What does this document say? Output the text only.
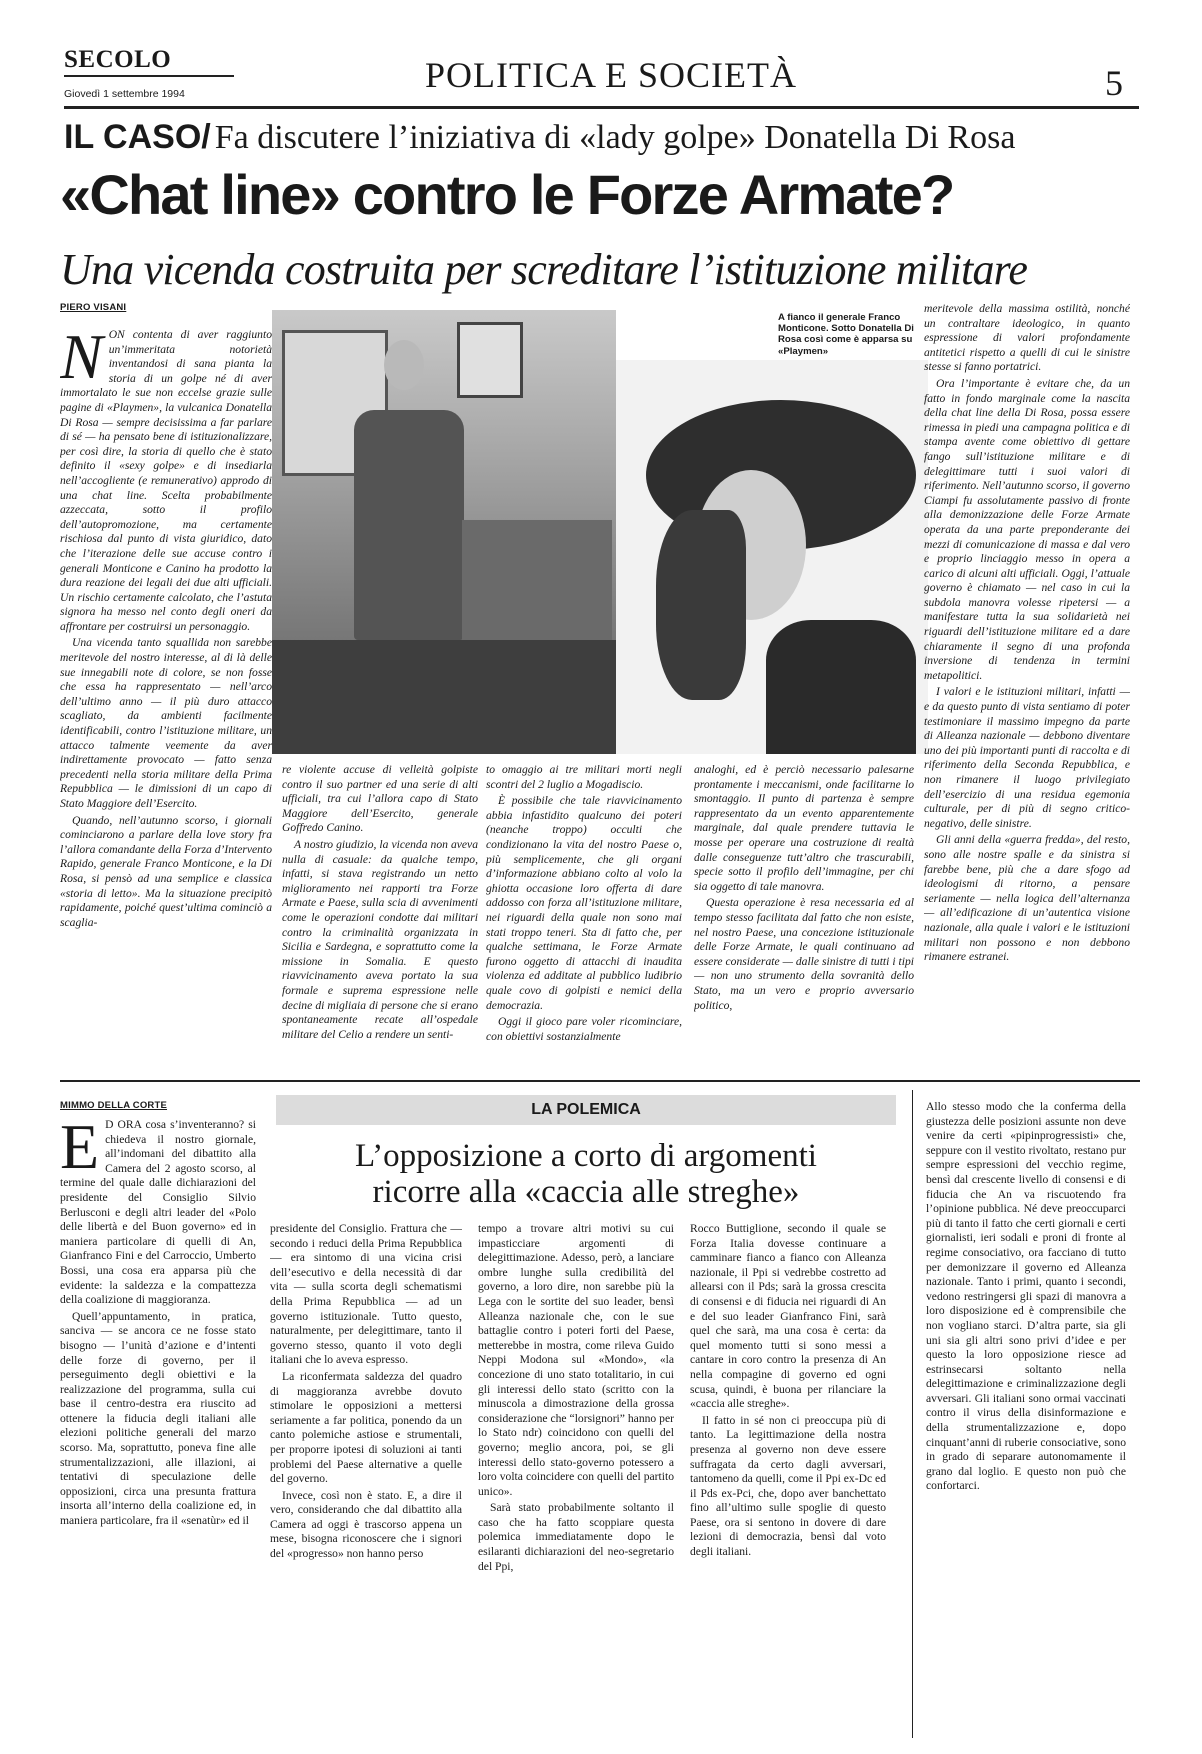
SECOLO
Giovedì 1 settembre 1994	POLITICA E SOCIETÀ	5
IL CASO/ Fa discutere l’iniziativa di «lady golpe» Donatella Di Rosa
«Chat line» contro le Forze Armate?
Una vicenda costruita per screditare l’istituzione militare
PIERO VISANI
A fianco il generale Franco Monticone. Sotto Donatella Di Rosa così come è apparsa su «Playmen»

NON contenta di aver raggiunto un’immeritata notorietà inventandosi di sana pianta la storia di un golpe né di aver immortalato le sue non eccelse grazie sulle pagine di «Playmen», la vulcanica Donatella Di Rosa — sempre decisissima a far parlare di sé — ha pensato bene di istituzionalizzare, per così dire, la storia di quello che è stato definito il «sexy golpe» e di insediarla nell’accogliente (e remunerativo) approdo di una chat line. Scelta probabilmente azzeccata, sotto il profilo dell’autopromozione, ma certamente rischiosa dal punto di vista giuridico, dato che l’iterazione delle sue accuse contro i generali Monticone e Canino ha prodotto la dura reazione dei legali dei due alti ufficiali. Un rischio certamente calcolato, che l’astuta signora ha messo nel conto degli oneri da affrontare per costruirsi un personaggio.

Una vicenda tanto squallida non sarebbe meritevole del nostro interesse, al di là delle sue innegabili note di colore, se non fosse che essa ha rappresentato — nell’arco dell’ultimo anno — il più duro attacco scagliato, da ambienti facilmente identificabili, contro l’istituzione militare, un attacco talmente veemente da aver indirettamente provocato — fatto senza precedenti nella storia militare della Prima Repubblica — le dimissioni di un capo di Stato Maggiore dell’Esercito.

Quando, nell’autunno scorso, i giornali cominciarono a parlare della love story fra l’allora comandante della Forza d’Intervento Rapido, generale Franco Monticone, e la Di Rosa, si pensò ad una semplice e classica «storia di letto». Ma la situazione precipitò rapidamente, poiché quest’ultima cominciò a scaglia-

re violente accuse di velleità golpiste contro il suo partner ed una serie di alti ufficiali, tra cui l’allora capo di Stato Maggiore dell’Esercito, generale Goffredo Canino.

A nostro giudizio, la vicenda non aveva nulla di casuale: da qualche tempo, infatti, si stava registrando un netto miglioramento nei rapporti tra Forze Armate e Paese, sulla scia di avvenimenti come le operazioni condotte dai militari contro la criminalità organizzata in Sicilia e Sardegna, e soprattutto come la missione in Somalia. E questo riavvicinamento aveva portato la sua formale e suprema espressione nelle decine di migliaia di persone che si erano spontaneamente recate all’ospedale militare del Celio a rendere un senti-

to omaggio ai tre militari morti negli scontri del 2 luglio a Mogadiscio.

È possibile che tale riavvicinamento abbia infastidito qualcuno dei poteri (neanche troppo) occulti che condizionano la vita del nostro Paese o, più semplicemente, che gli organi d’informazione abbiano colto al volo la ghiotta occasione loro offerta di dare addosso con forza all’istituzione militare, nei riguardi della quale non sono mai stati troppo teneri. Sta di fatto che, per qualche settimana, le Forze Armate furono oggetto di attacchi di inaudita violenza ed additate al pubblico ludibrio quale covo di golpisti e nemici della democrazia.

Oggi il gioco pare voler ricominciare, con obiettivi sostanzialmente

analoghi, ed è perciò necessario palesarne prontamente i meccanismi, onde facilitarne lo smontaggio. Il punto di partenza è sempre rappresentato da un evento apparentemente marginale, dal quale prendere tuttavia le mosse per operare una costruzione di realtà dalle conseguenze tutt’altro che trascurabili, specie sotto il profilo dell’immagine, per chi sia oggetto di tale manovra.

Questa operazione è resa necessaria ed al tempo stesso facilitata dal fatto che non esiste, nel nostro Paese, una concezione istituzionale delle Forze Armate, le quali continuano ad essere considerate — dalle sinistre di tutti i tipi — non uno strumento della sovranità dello Stato, ma un vero e proprio avversario politico,

meritevole della massima ostilità, nonché un contraltare ideologico, in quanto espressione di valori profondamente antitetici rispetto a quelli di cui le sinistre stesse si fanno portatrici.

Ora l’importante è evitare che, da un fatto in fondo marginale come la nascita della chat line della Di Rosa, possa essere rimessa in piedi una campagna politica e di stampa avente come obiettivo di gettare fango sull’istituzione militare e di delegittimare tutti i suoi valori di riferimento. Nell’autunno scorso, il governo Ciampi fu assolutamente passivo di fronte alla demonizzazione delle Forze Armate operata da una parte preponderante dei mezzi di comunicazione di massa e dal vero e proprio linciaggio messo in opera a carico di alcuni alti ufficiali. Oggi, l’attuale governo è chiamato — nel caso in cui la subdola manovra volesse ripetersi — a manifestare tutta la sua solidarietà nei riguardi dell’istituzione militare ed a dare chiaramente il segno di una profonda inversione di tendenza in termini metapolitici.

I valori e le istituzioni militari, infatti — e da questo punto di vista sentiamo di poter testimoniare il massimo impegno da parte di Alleanza nazionale — debbono diventare uno dei più importanti punti di raccolta e di riferimento della Seconda Repubblica, e non rimanere il luogo privilegiato dell’esercizio di una residua egemonia culturale, per di più di segno critico-negativo, delle sinistre.

Gli anni della «guerra fredda», del resto, sono alle nostre spalle e da sinistra si farebbe bene, più che a dare sfogo ad ideologismi di ritorno, a pensare seriamente — nella logica dell’alternanza — all’edificazione di un’autentica visione nazionale, alla quale i valori e le istituzioni militari non possono e non debbono rimanere estranei.

MIMMO DELLA CORTE	LA POLEMICA
L’opposizione a corto di argomenti
ricorre alla «caccia alle streghe»

E D ORA cosa s’inventeranno? si chiedeva il nostro giornale, all’indomani del dibattito alla Camera del 2 agosto scorso, al termine del quale dalle dichiarazioni del presidente del Consiglio Silvio Berlusconi e degli altri leader del «Polo delle libertà e del Buon governo» ed in maniera particolare di quelli di An, Gianfranco Fini e del Carroccio, Umberto Bossi, una cosa era apparsa più che evidente: la saldezza e la compattezza della coalizione di maggioranza.

Quell’appuntamento, in pratica, sanciva — se ancora ce ne fosse stato bisogno — l’unità d’azione e d’intenti delle forze di governo, per il perseguimento degli obiettivi e la realizzazione del programma, sulla cui base il centro-destra era riuscito ad ottenere la fiducia degli italiani alle elezioni politiche generali del marzo scorso. Ma, soprattutto, poneva fine alle strumentalizzazioni, alle illazioni, ai tentativi di speculazione delle opposizioni, circa una presunta frattura insorta all’interno della coalizione ed, in maniera particolare, fra il «senatùr» ed il

presidente del Consiglio. Frattura che — secondo i reduci della Prima Repubblica — era sintomo di una vicina crisi dell’esecutivo e della necessità di dar vita — sulla scorta degli schematismi della Prima Repubblica — ad un governo istituzionale. Tutto questo, naturalmente, per delegittimare, tanto il governo stesso, quanto il voto degli italiani che lo aveva espresso.

La riconfermata saldezza del quadro di maggioranza avrebbe dovuto stimolare le opposizioni a mettersi seriamente a far politica, ponendo da un canto polemiche astiose e strumentali, per proporre ipotesi di soluzioni ai tanti problemi del Paese alternative a quelle del governo.

Invece, così non è stato. E, a dire il vero, considerando che dal dibattito alla Camera ad oggi è trascorso appena un mese, bisogna riconoscere che i signori del «progresso» non hanno perso

tempo a trovare altri motivi su cui impasticciare argomenti di delegittimazione. Adesso, però, a lanciare ombre lunghe sulla credibilità del governo, a loro dire, non sarebbe più la Lega con le sortite del suo leader, bensì Alleanza nazionale che, con le sue battaglie contro i poteri forti del Paese, metterebbe in mostra, come rileva Guido Neppi Modona sul «Mondo», «la concezione di uno stato totalitario, in cui gli interessi dello stato (scritto con la minuscola a dimostrazione della grossa considerazione che “lorsignori” hanno per lo Stato ndr) coincidono con quelli del governo; meglio ancora, poi, se gli interessi dello stato-governo potessero a loro volta coincidere con quelli del partito unico».

Sarà stato probabilmente soltanto il caso che ha fatto scoppiare questa polemica immediatamente dopo le esilaranti dichiarazioni del neo-segretario del Ppi,

Rocco Buttiglione, secondo il quale se Forza Italia dovesse continuare a camminare fianco a fianco con Alleanza nazionale, il Ppi si vedrebbe costretto ad allearsi con il Pds; sarà la grossa crescita di consensi e di fiducia nei riguardi di An e del suo leader Gianfranco Fini, sarà quel che sarà, ma una cosa è certa: da quel momento tutti si sono messi a cantare in coro contro la presenza di An nella compagine di governo ed ogni scusa, quindi, è buona per rilanciare la «caccia alle streghe».

Il fatto in sé non ci preoccupa più di tanto. La legittimazione della nostra presenza al governo non deve essere suffragata da certo dagli avversari, tantomeno da quelli, come il Ppi ex-Dc ed il Pds ex-Pci, che, dopo aver banchettato fino all’ultimo sulle spoglie di questo Paese, ora si sentono in dovere di dare lezioni di democrazia, bensì dal voto degli italiani.

Allo stesso modo che la conferma della giustezza delle posizioni assunte non deve venire da certi «pipinprogressisti» che, seppure con il vestito rivoltato, restano pur sempre espressioni del vecchio regime, bensì dal crescente livello di consensi e di fiducia che An va riscuotendo fra l’opinione pubblica. Né deve preoccuparci più di tanto il fatto che certi giornali e certi giornalisti, ieri sodali e proni di fronte al regime consociativo, ora facciano di tutto per demonizzare il governo ed Alleanza nazionale. Tanto i primi, quanto i secondi, vedono restringersi gli spazi di manovra a loro disposizione ed è comprensibile che non vogliano starci. D’altra parte, sia gli uni sia gli altri sono privi d’idee e per questo la loro opposizione riesce ad estrinsecarsi soltanto nella delegittimazione e criminalizzazione degli avversari. Gli italiani sono ormai vaccinati contro il virus della disinformazione e della strumentalizzazione e, dopo cinquant’anni di ruberie consociative, sono in grado di separare autonomamente il grano dal loglio. E questo non può che confortarci.
